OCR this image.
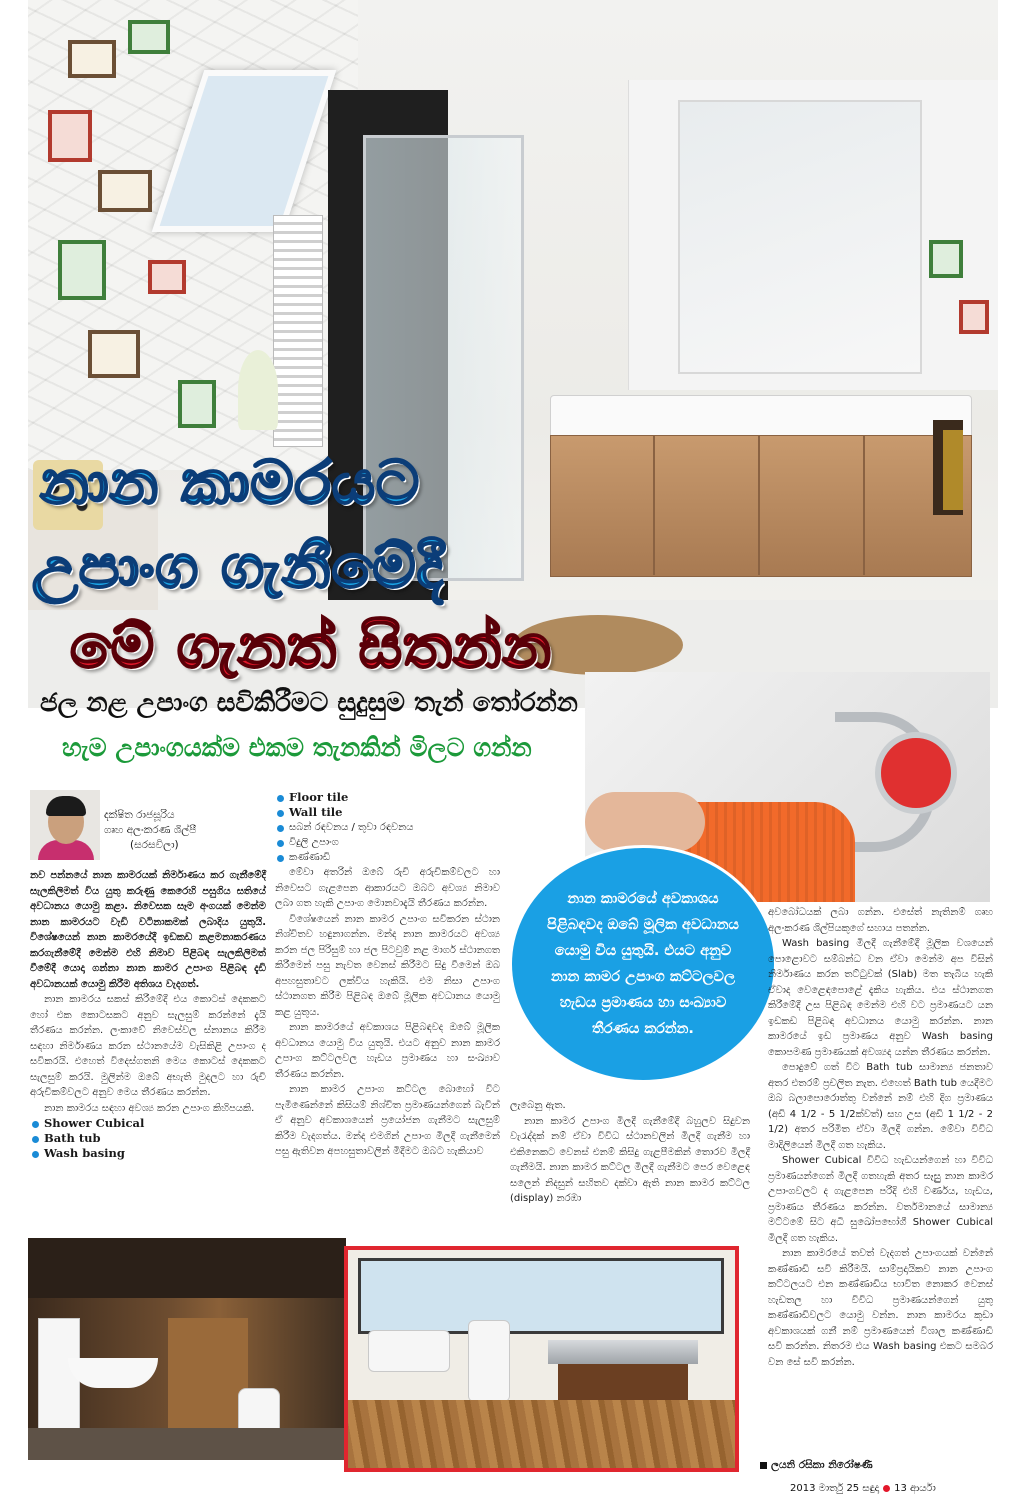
නාන කාමරයට
උපාංග ගැනීමේදී
මේ ගැනත් සිතන්න
ජල නළ උපාංග සවිකිරීමට සුදුසුම තැන් තෝරන්න
හැම උපාංගයක්ම එකම තැනකින් මිලට ගන්න
දක්ෂිත රාජසූරිය
ගෘහ අලංකරණ ශිල්පී
(සරසවිලා)

නව පන්නයේ නාන කාමරයක් නිර්මාණය කර ගැනීමේදී සැලකිලිමත් විය යුතු කරුණු කෙරෙහි පසුගිය සතියේ අවධානය යොමු කළා. නිවෙසක සෑම අංගයක් මෙන්ම නාන කාමරයට වැඩි වටිනාකමක් ලබාදිය යුතුයි. විශේෂයෙන් නාන කාමරයේදී ඉඩකඩ කළමනාකරණය කරගැනීමේදී මෙන්ම එහි නිමාව පිළිබඳ සැලකිලිමත් වීමේදී යොදා ගන්නා නාන කාමර උපාංග පිළිබඳ දැඩි අවධානයක් යොමු කිරීම අතිශය වැදගත්.

නාන කාමරය සකස් කිරීමේදී එය කොටස් දෙකකට හෝ එක කොටසකට අනුව සැලසුම් කරන්නේ දැයි තීරණය කරන්න. ලංකාවේ නිවෙස්වල ස්නානය කිරීම සඳහා නිර්මාණය කරන ස්ථානයේම වැසිකිළි උපාංග ද සවිකරයි. එහෙත් විදෙස්ගතනි මෙය කොටස් දෙකකට සැලසුම් කරයි. මුලින්ම ඔබේ අභැති මුදලට හා රුචි අරුචිකම්වලට අනුව මෙය තීරණය කරන්න.

නාන කාමරය සඳහා අවශ්‍ය කරන උපාංග කිහිපයකි.

Shower Cubical
Bath tub
Wash basing
Floor tile
Wall tile
සබන් රඳවනය / තුවා රඳවනය
විදුලි උපාංග
කණ්ණාඩි

මේවා අතරින් ඔබේ රුචි අරුචිකම්වලට හා නිවෙසට ගැළපෙන ආකාරයට ඔබට අවශ්‍ය නිමාව ලබා ගත හැකි උපාංග මොනවාදැයි තීරණය කරන්න.

විශේෂයෙන් නාන කාමර උපාංග සවිකරන ස්ථාන නිශ්චිතව හඳුනාගන්න. මන්ද නාන කාමරයට අවශ්‍ය කරන ජල පිරිසුම් හා ජල පිටවුම් නළ මාර්ග ස්ථානගත කිරීමෙන් පසු නැවත වෙනස් කිරීමට සිදු වීමෙන් ඔබ අපහසුතාවට ලක්විය හැකියි. එම නිසා උපාංග ස්ථානගත කිරීම පිළිබඳ ඔබේ මූලික අවධානය යොමු කළ යුතුය.

නාන කාමරයේ අවකාශය පිළිබඳවද ඔබේ මූලික අවධානය යොමු විය යුතුයි. එයට අනුව නාන කාමර උපාංග කට්ටලවල හැඩය ප්‍රමාණය හා සංඛ්‍යාව තීරණය කරන්න.

නාන කාමර උපාංග කට්ටල බොහෝ විට පැමිණෙන්නේ කිසියම් නිශ්චිත ප්‍රමාණයන්ගෙන් බැවින් ඒ අනුව අවකාශයෙන් ප්‍රයෝජන ගැනීමට සැලසුම් කිරීම වැදගත්ය. මන්ද එමගින් උපාංග මිලදී ගැනීමෙන් පසු ඇතිවන අපහසුතාවලින් මිදීමට ඔබට හැකියාව

නාන කාමරයේ අවකාශය පිළිබඳවද ඔබේ මූලික අවධානය යොමු විය යුතුයි. එයට අනුව නාන කාමර උපාංග කට්ටලවල හැඩය ප්‍රමාණය හා සංඛ්‍යාව තීරණය කරන්න.

ලැබෙනු ඇත.

නාන කාමර උපාංග මිලදී ගැනීමේදී බහුලව සිදුවන වැරැද්දක් නම් ඒවා විවිධ ස්ථානවලින් මිලදී ගැනීම හා එකිනෙකට වෙනස් එනම් කිසිදු ගැළපීමකින් තොරව මිලදී ගැනීමයි. නාන කාමර කට්ටල මිලදී ගැනීමට පෙර වෙළෙඳ සලෙන් නිදසුන් සහිතව දක්වා ඇති නාන කාමර කට්ටල (display) නරඹා

අවබෝධයක් ලබා ගන්න. එසේත් නැතිනම් ගෘහ අලංකරණ ශිල්පියකුගේ සහාය පතන්න.

Wash basing මිලදී ගැනීමේදී මූලික වශයෙන් පොළොවට සම්බන්ධ වන ඒවා මෙන්ම අප විසින් නිර්මාණය කරන තට්ටුවක් (Slab) මත තැබිය හැකි ඒවාද වෙළෙඳපොළේ දැකිය හැකිය. එය ස්ථානගත කිරීමේදී උස පිළිබඳ මෙන්ම එහි වට ප්‍රමාණයට යන ඉඩකඩ පිළිබඳ අවධානය යොමු කරන්න. නාන කාමරයේ ඉඩ ප්‍රමාණය අනුව Wash basing කොපමණ ප්‍රමාණයක් අවශ්‍යද යන්න තීරණය කරන්න.

පොදුවේ ගත් විට Bath tub සාමාන්‍ය ජනතාව අතර එතරම් ප්‍රචලිත නැත. එහෙත් Bath tub යෙදීමට ඔබ බලාපොරොත්තු වන්නේ නම් එහි දිග ප්‍රමාණය (අඩි 4 1/2 - 5 1/2ක්වත්) සහ උස (අඩි 1 1/2 - 2 1/2) අතර පරිමිත ඒවා මිලදී ගන්න. මේවා විවිධ මාදිලියෙන් මිලදී ගත හැකිය.

Shower Cubical විවිධ හැඩයන්ගෙන් හා විවිධ ප්‍රමාණයන්ගෙන් මිලදී ගතහැකි අතර සෑසුු නාන කාමර උපාංගවලට ද ගැළපෙන පරිදි එහි වර්ණය, හැඩය, ප්‍රමාණය තීරණය කරන්න. වර්තමානයේ සාමාන්‍ය මට්ටමේ සිට අධි සුඛෝපභෝගී Shower Cubical මිලදී ගත හැකිය.

නාන කාමරයේ තවත් වැදගත් උපාංගයක් වන්නේ කණ්ණාඩි සවි කිරීමයි. සාම්ප්‍රදායිකව නාන උපාංග කට්ටලයට එන කණ්ණාඩිය භාවිත නොකර වෙනස් හැඩතල හා විවිධ ප්‍රමාණයන්ගෙන් යුතු කණ්ණාඩිවලට යොමු වන්න. නාන කාමරය කුඩා අවකාශයක් ගනී නම් ප්‍රමාණයෙන් විශාල කණ්ණාඩි සවි කරන්න. නිතරම එය Wash basing එකට සමබර වන සේ සවි කරන්න.

ලයනි රසිකා නිරෝෂණී
2013 මාර්තු 25 සඳුදා 13 ආර්යා
